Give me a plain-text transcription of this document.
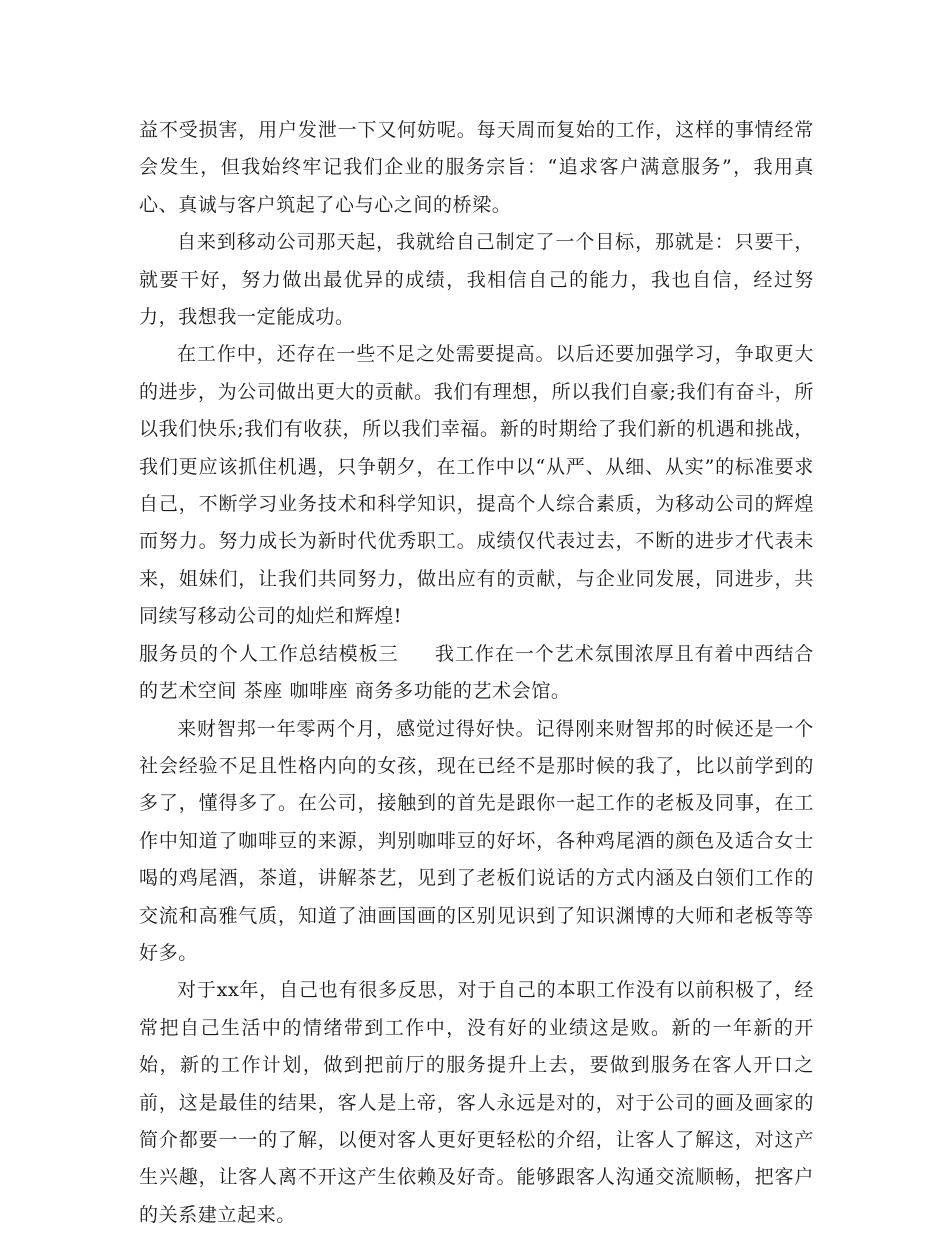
益不受损害，用户发泄一下又何妨呢。每天周而复始的工作，这样的事情经常会发生，但我始终牢记我们企业的服务宗旨：“追求客户满意服务”，我用真心、真诚与客户筑起了心与心之间的桥梁。

自来到移动公司那天起，我就给自己制定了一个目标，那就是：只要干，就要干好，努力做出最优异的成绩，我相信自己的能力，我也自信，经过努力，我想我一定能成功。

在工作中，还存在一些不足之处需要提高。以后还要加强学习，争取更大的进步，为公司做出更大的贡献。我们有理想，所以我们自豪;我们有奋斗，所以我们快乐;我们有收获，所以我们幸福。新的时期给了我们新的机遇和挑战，我们更应该抓住机遇，只争朝夕，在工作中以“从严、从细、从实”的标准要求自己，不断学习业务技术和科学知识，提高个人综合素质，为移动公司的辉煌而努力。努力成长为新时代优秀职工。成绩仅代表过去，不断的进步才代表未来，姐妹们，让我们共同努力，做出应有的贡献，与企业同发展，同进步，共同续写移动公司的灿烂和辉煌!

服务员的个人工作总结模板三 我工作在一个艺术氛围浓厚且有着中西结合的艺术空间 茶座 咖啡座 商务多功能的艺术会馆。

来财智邦一年零两个月，感觉过得好快。记得刚来财智邦的时候还是一个社会经验不足且性格内向的女孩，现在已经不是那时候的我了，比以前学到的多了，懂得多了。在公司，接触到的首先是跟你一起工作的老板及同事，在工作中知道了咖啡豆的来源，判别咖啡豆的好坏，各种鸡尾酒的颜色及适合女士喝的鸡尾酒，茶道，讲解茶艺，见到了老板们说话的方式内涵及白领们工作的交流和高雅气质，知道了油画国画的区别见识到了知识渊博的大师和老板等等好多。

对于xx年，自己也有很多反思，对于自己的本职工作没有以前积极了，经常把自己生活中的情绪带到工作中，没有好的业绩这是败。新的一年新的开始，新的工作计划，做到把前厅的服务提升上去，要做到服务在客人开口之前，这是最佳的结果，客人是上帝，客人永远是对的，对于公司的画及画家的简介都要一一的了解，以便对客人更好更轻松的介绍，让客人了解这，对这产生兴趣，让客人离不开这产生依赖及好奇。能够跟客人沟通交流顺畅，把客户的关系建立起来。
